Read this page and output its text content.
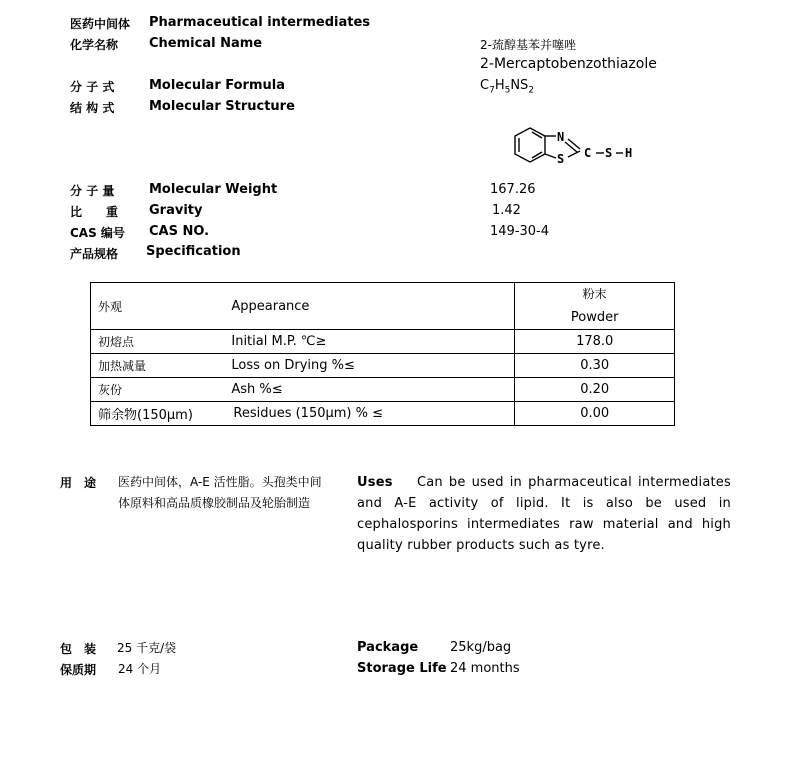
医药中间体 Pharmaceutical intermediates
化学名称 Chemical Name	2-巯醇基苯并噻唑
2-Mercaptobenzothiazole
分 子 式	Molecular Formula	$C_7H_5NS_2$
结 构 式	Molecular Structure
N
S C S H
分 子 量	Molecular Weight	167.26
比　　重 Gravity	1.42
CAS 编号 CAS NO.	149-30-4
产品规格 Specification
外观	Appearance	粉末
Powder

初熔点	Initial M.P. ℃≥	178.0
加热减量	Loss on Drying %≤	0.30
灰份	Ash %≤	0.20
筛余物(150μm)	Residues (150μm) % ≤	0.00
用　途 医药中间体，A-E 活性脂。头孢类中间
体原料和高品质橡胶制品及轮胎制造
Uses Can be used in pharmaceutical intermediates and A-E activity of lipid. It is also be used in cephalosporins intermediates raw material and high quality rubber products such as tyre.
包　装 25 千克/袋	Package 25kg/bag
保质期 24 个月	Storage Life 24 months
